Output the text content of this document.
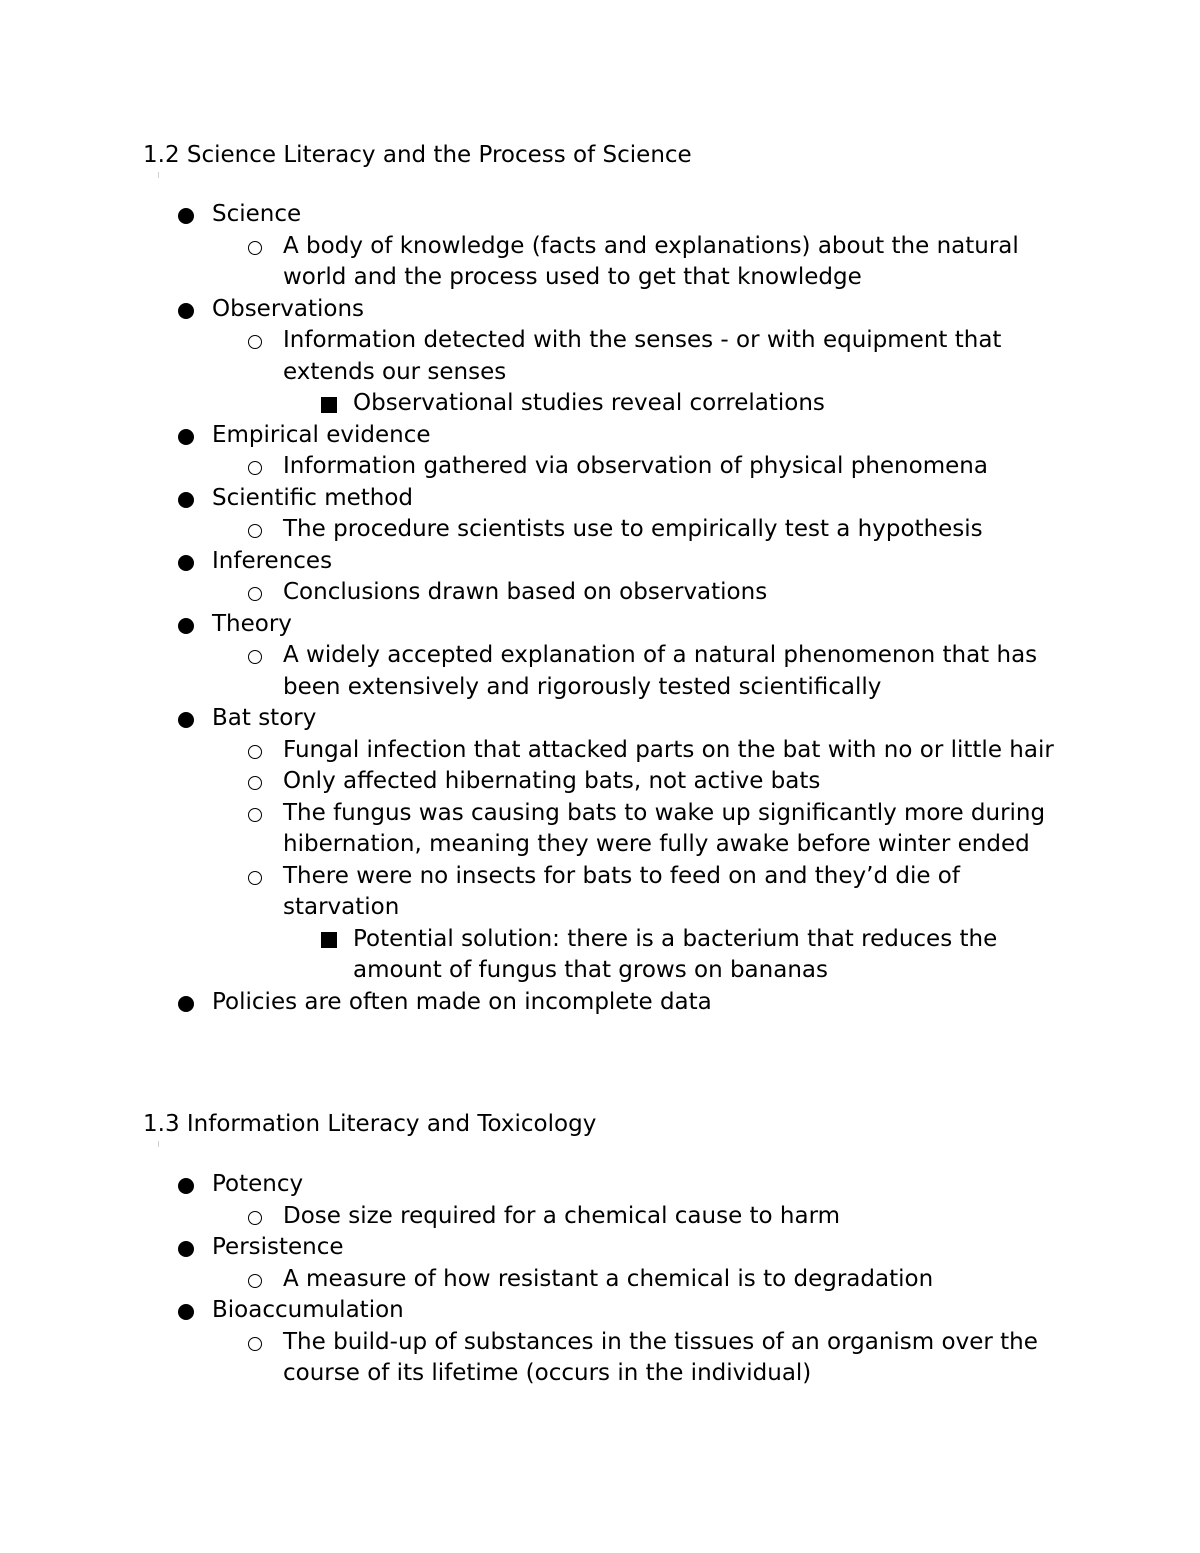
1.2 Science Literacy and the Process of Science
Science
A body of knowledge (facts and explanations) about the natural world and the process used to get that knowledge
Observations
Information detected with the senses - or with equipment that extends our senses
Observational studies reveal correlations
Empirical evidence
Information gathered via observation of physical phenomena
Scientific method
The procedure scientists use to empirically test a hypothesis
Inferences
Conclusions drawn based on observations
Theory
A widely accepted explanation of a natural phenomenon that has been extensively and rigorously tested scientifically
Bat story
Fungal infection that attacked parts on the bat with no or little hair
Only affected hibernating bats, not active bats
The fungus was causing bats to wake up significantly more during hibernation, meaning they were fully awake before winter ended
There were no insects for bats to feed on and they’d die of starvation
Potential solution: there is a bacterium that reduces the amount of fungus that grows on bananas
Policies are often made on incomplete data
1.3 Information Literacy and Toxicology
Potency
Dose size required for a chemical cause to harm
Persistence
A measure of how resistant a chemical is to degradation
Bioaccumulation
The build-up of substances in the tissues of an organism over the course of its lifetime (occurs in the individual)
